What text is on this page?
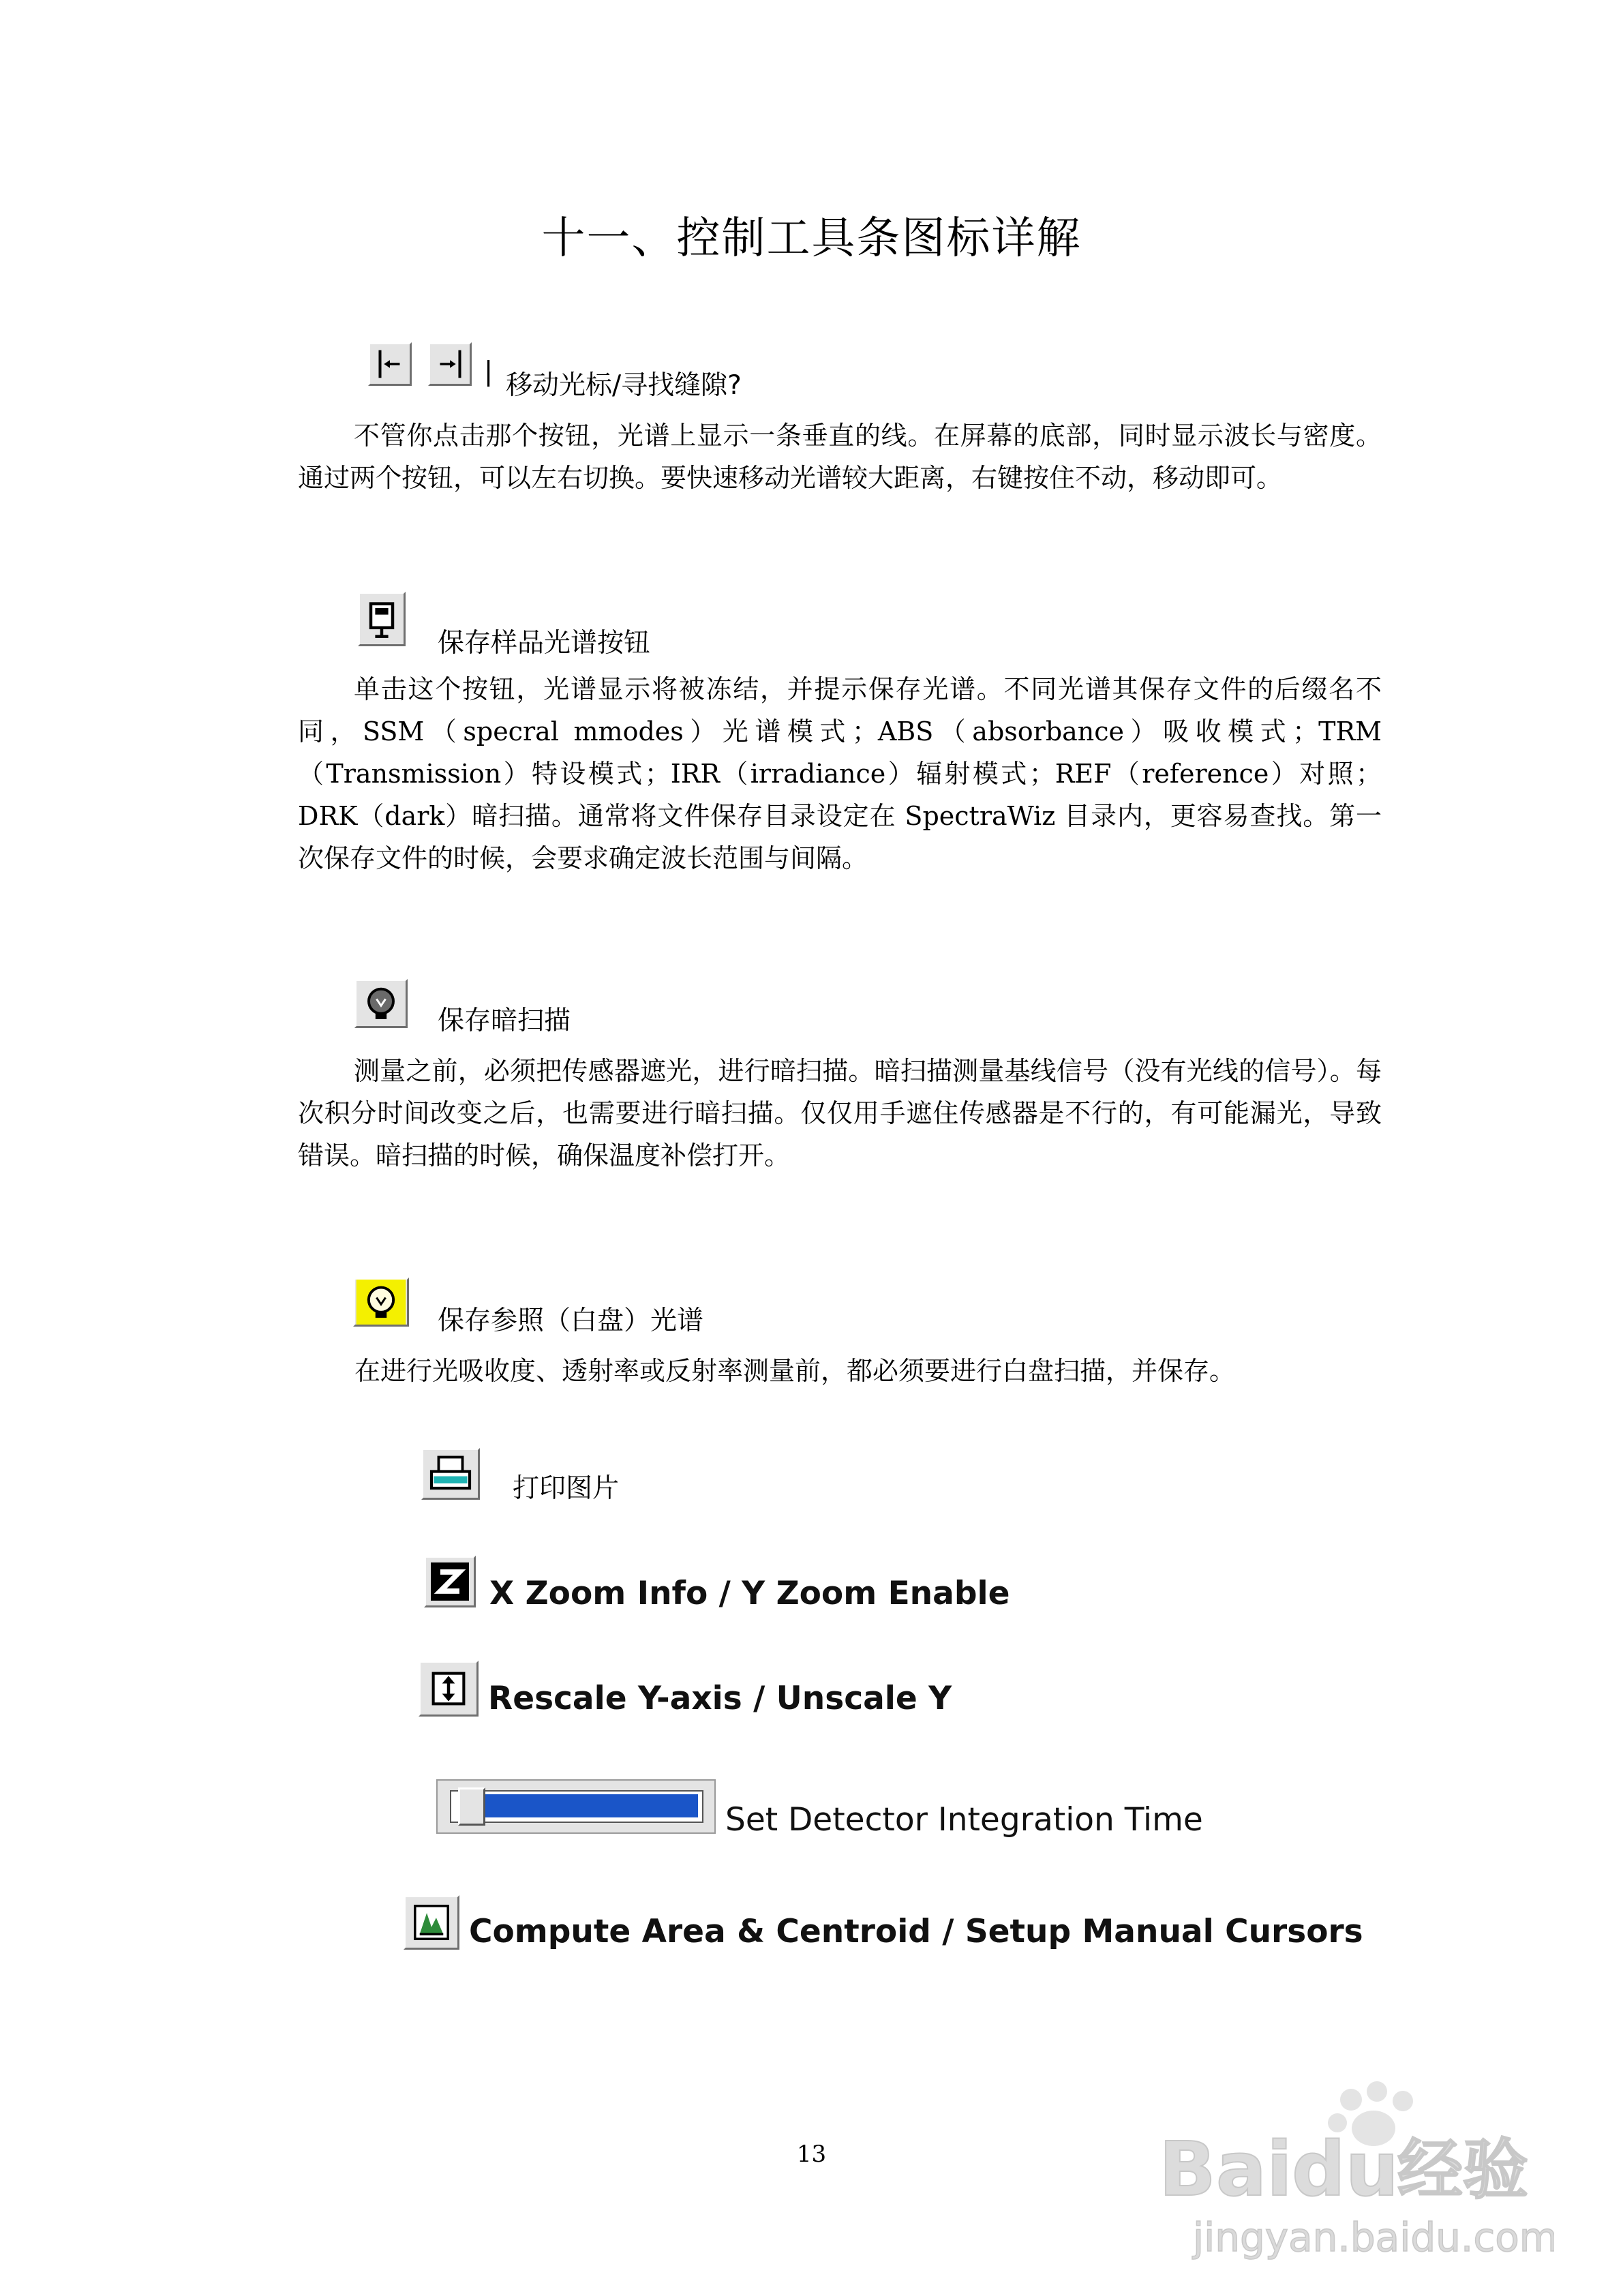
十一、控制工具条图标详解
| 移动光标/寻找缝隙?
不管你点击那个按钮，光谱上显示一条垂直的线。在屏幕的底部，同时显示波长与密度。通过两个按钮，可以左右切换。要快速移动光谱较大距离，右键按住不动，移动即可。
保存样品光谱按钮
单击这个按钮，光谱显示将被冻结，并提示保存光谱。不同光谱其保存文件的后缀名不同，SSM（specral mmodes）光谱模式；ABS（absorbance）吸收模式；TRM（Transmission）特设模式；IRR（irradiance）辐射模式；REF（reference）对照；DRK（dark）暗扫描。通常将文件保存目录设定在 SpectraWiz 目录内，更容易查找。第一次保存文件的时候，会要求确定波长范围与间隔。
保存暗扫描
测量之前，必须把传感器遮光，进行暗扫描。暗扫描测量基线信号（没有光线的信号）。每次积分时间改变之后，也需要进行暗扫描。仅仅用手遮住传感器是不行的，有可能漏光，导致错误。暗扫描的时候，确保温度补偿打开。
保存参照（白盘）光谱
在进行光吸收度、透射率或反射率测量前，都必须要进行白盘扫描，并保存。
打印图片
X Zoom Info / Y Zoom Enable
Rescale Y-axis / Unscale Y
Set Detector Integration Time
Compute Area & Centroid / Setup Manual Cursors
13	Bai du
经验
jingyan.baidu.com
